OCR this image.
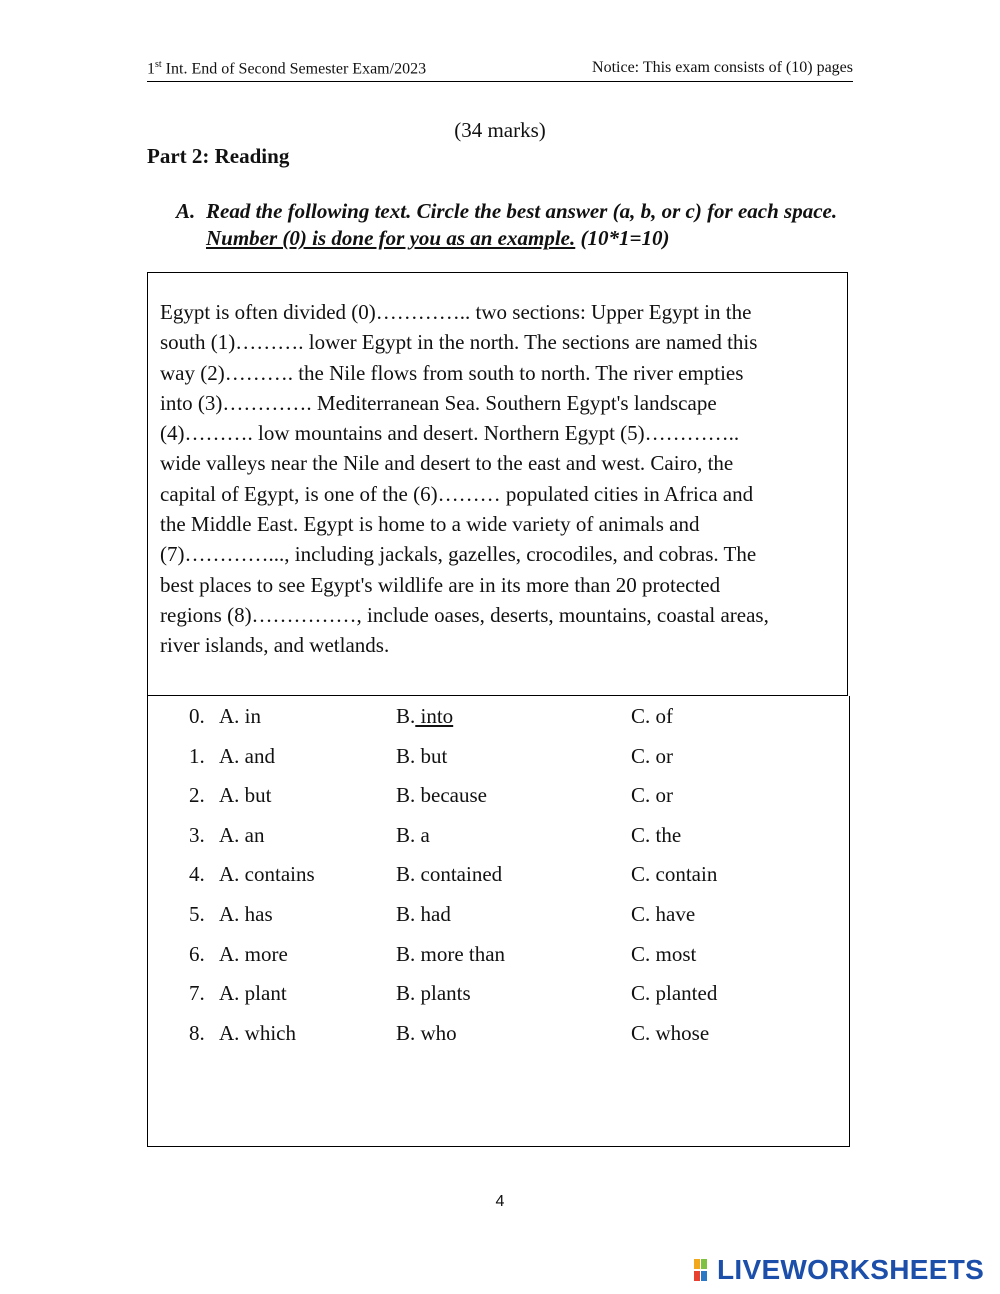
1st Int. End of Second Semester Exam/2023	Notice: This exam consists of (10) pages
(34 marks)
Part 2: Reading
A. Read the following text. Circle the best answer (a, b, or c) for each space. Number (0) is done for you as an example. (10*1=10)
Egypt is often divided (0)………….. two sections: Upper Egypt in the
south (1)………. lower Egypt in the north. The sections are named this
way (2)………. the Nile flows from south to north. The river empties
into (3)…………. Mediterranean Sea. Southern Egypt's landscape
(4)………. low mountains and desert. Northern Egypt (5)…………..
wide valleys near the Nile and desert to the east and west. Cairo, the
capital of Egypt, is one of the (6)……… populated cities in Africa and
the Middle East. Egypt is home to a wide variety of animals and
(7)…………..., including jackals, gazelles, crocodiles, and cobras. The
best places to see Egypt's wildlife are in its more than 20 protected
regions (8)……………, include oases, deserts, mountains, coastal areas,
river islands, and wetlands.
0. A. in	B. into	C. of
1. A. and	B. but	C. or
2. A. but	B. because	C. or
3. A. an	B. a	C. the
4. A. contains	B. contained	C. contain
5. A. has	B. had	C. have
6. A. more	B. more than	C. most
7. A. plant	B. plants	C. planted
8. A. which	B. who	C. whose
4
LIVEWORKSHEETS
